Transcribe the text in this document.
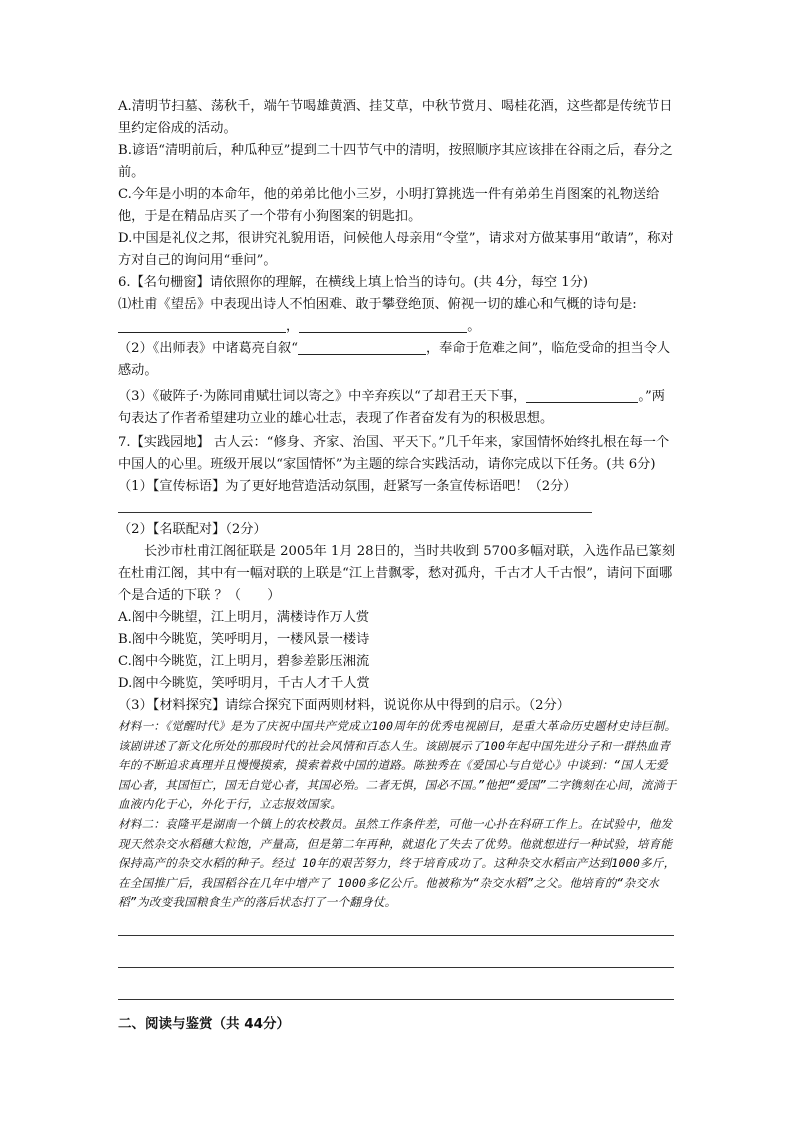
A.清明节扫墓、荡秋千，端午节喝雄黄酒、挂艾草，中秋节赏月、喝桂花酒，这些都是传统节日里约定俗成的活动。

B.谚语“清明前后，种瓜种豆”提到二十四节气中的清明，按照顺序其应该排在谷雨之后，春分之前。

C.今年是小明的本命年，他的弟弟比他小三岁，小明打算挑选一件有弟弟生肖图案的礼物送给他，于是在精品店买了一个带有小狗图案的钥匙扣。

D.中国是礼仪之邦，很讲究礼貌用语，问候他人母亲用“令堂”，请求对方做某事用“敢请”，称对方对自己的询问用“垂问”。

6.【名句栅窗】请依照你的理解，在横线上填上恰当的诗句。(共 4分，每空 1分)

⑴杜甫《望岳》中表现出诗人不怕困难、敢于攀登绝顶、俯视一切的雄心和气概的诗句是:

，	。

（2）《出师表》中诸葛亮自叙“	，奉命于危难之间”，临危受命的担当令人感动。

（3）《破阵子·为陈同甫赋壮词以寄之》中辛弃疾以“了却君王天下事，	。”两句表达了作者希望建功立业的雄心壮志，表现了作者奋发有为的积极思想。

7.【实践园地】 古人云：“修身、齐家、治国、平天下。”几千年来，家国情怀始终扎根在每一个中国人的心里。班级开展以“家国情怀”为主题的综合实践活动，请你完成以下任务。(共 6分)

（1）【宣传标语】为了更好地营造活动氛围，赶紧写一条宣传标语吧！（2分）

（2）【名联配对】（2分）

长沙市杜甫江阁征联是 2005年 1月 28日的，当时共收到 5700多幅对联，入选作品已篆刻在杜甫江阁，其中有一幅对联的上联是“江上昔飘零，愁对孤舟，千古才人千古恨”，请问下面哪个是合适的下联 ？（　　）

A.阁中今眺望，江上明月，满楼诗作万人赏

B.阁中今眺览，笑呼明月，一楼风景一楼诗

C.阁中今眺览，江上明月，碧参差影压湘流

D.阁中今眺览，笑呼明月，千古人才千人赏

（3）【材料探究】请综合探究下面两则材料，说说你从中得到的启示。（2分）

材料一：《觉醒时代》是为了庆祝中国共产党成立100周年的优秀电视剧目，是重大革命历史题材史诗巨制。该剧讲述了新文化所处的那段时代的社会风情和百态人生。该剧展示了100年起中国先进分子和一群热血青年的不断追求真理并且慢慢摸索，摸索着救中国的道路。陈独秀在《爱国心与自觉心》中谈到：“国人无爱国心者，其国恒亡，国无自觉心者，其国必殆。二者无惧，国必不国。”他把“爱国”二字镌刻在心间，流淌于血液内化于心，外化于行，立志报效国家。

材料二：袁隆平是湖南一个镇上的农校教员。虽然工作条件差，可他一心扑在科研工作上。在试验中，他发现天然杂交水稻穗大粒饱，产量高，但是第二年再种，就退化了失去了优势。他就想进行一种试验，培育能保持高产的杂交水稻的种子。经过 10年的艰苦努力，终于培育成功了。这种杂交水稻亩产达到1000多斤，在全国推广后，我国稻谷在几年中增产了 1000多亿公斤。他被称为“杂交水稻”之父。他培育的“杂交水稻”为改变我国粮食生产的落后状态打了一个翻身仗。

二、阅读与鉴赏（共 44分）
